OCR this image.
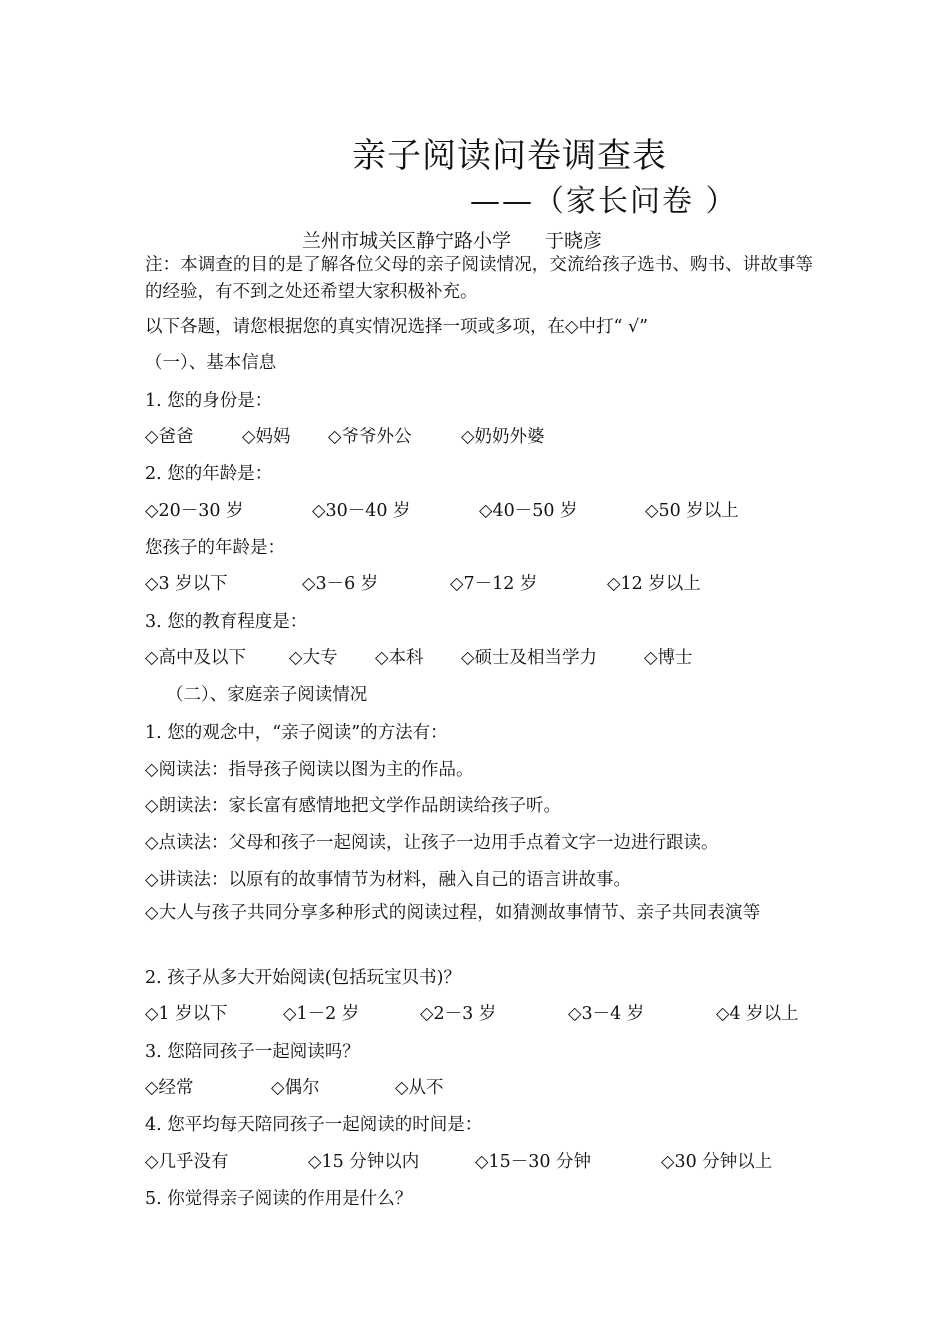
亲子阅读问卷调查表
——（家长问卷 ）
兰州市城关区静宁路小学 于晓彦
注：本调查的目的是了解各位父母的亲子阅读情况，交流给孩子选书、购书、讲故事等的经验，有不到之处还希望大家积极补充。
以下各题，请您根据您的真实情况选择一项或多项，在◇中打“ √”
（一）、基本信息
1. 您的身份是：
◇爸爸	◇妈妈 ◇爷爷外公	◇奶奶外婆
2. 您的年龄是：
◇20－30 岁	◇30－40 岁	◇40－50 岁	◇50 岁以上
您孩子的年龄是：
◇3 岁以下	◇3－6 岁	◇7－12 岁	◇12 岁以上
3. 您的教育程度是：
◇高中及以下 ◇大专 ◇本科 ◇硕士及相当学力	◇博士
（二）、家庭亲子阅读情况
1. 您的观念中，“亲子阅读”的方法有：
◇阅读法：指导孩子阅读以图为主的作品。
◇朗读法：家长富有感情地把文学作品朗读给孩子听。
◇点读法：父母和孩子一起阅读，让孩子一边用手点着文字一边进行跟读。
◇讲读法：以原有的故事情节为材料，融入自己的语言讲故事。
◇大人与孩子共同分享多种形式的阅读过程，如猜测故事情节、亲子共同表演等
2. 孩子从多大开始阅读(包括玩宝贝书)？
◇1 岁以下	◇1－2 岁	◇2－3 岁	◇3－4 岁	◇4 岁以上
3. 您陪同孩子一起阅读吗？
◇经常	◇偶尔	◇从不
4. 您平均每天陪同孩子一起阅读的时间是：
◇几乎没有	◇15 分钟以内	◇15－30 分钟	◇30 分钟以上
5. 你觉得亲子阅读的作用是什么？
